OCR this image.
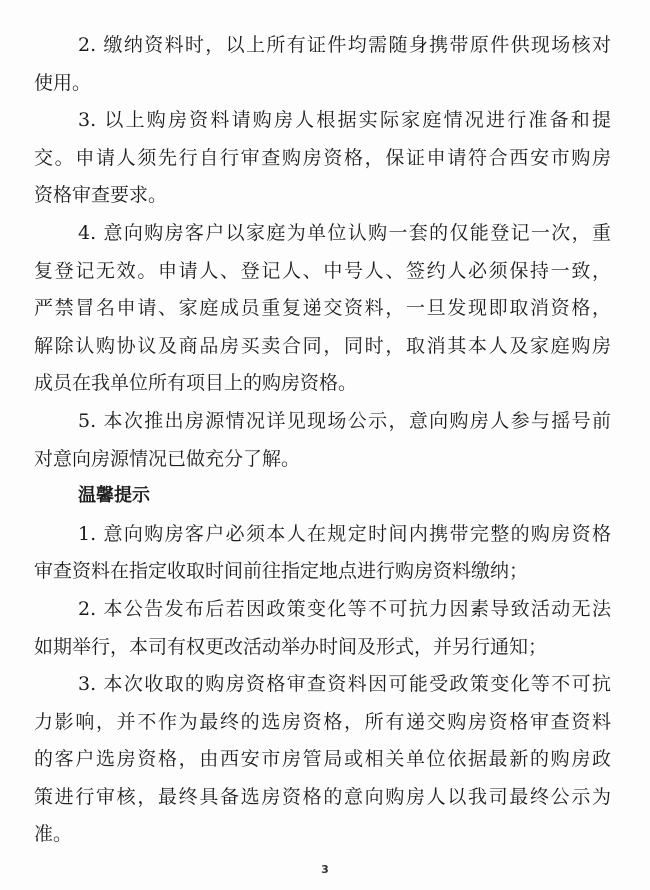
2. 缴纳资料时，以上所有证件均需随身携带原件供现场核对
使用。
3. 以上购房资料请购房人根据实际家庭情况进行准备和提
交。申请人须先行自行审查购房资格，保证申请符合西安市购房
资格审查要求。
4. 意向购房客户以家庭为单位认购一套的仅能登记一次，重
复登记无效。申请人、登记人、中号人、签约人必须保持一致，
严禁冒名申请、家庭成员重复递交资料，一旦发现即取消资格，
解除认购协议及商品房买卖合同，同时，取消其本人及家庭购房
成员在我单位所有项目上的购房资格。
5. 本次推出房源情况详见现场公示，意向购房人参与摇号前
对意向房源情况已做充分了解。
温馨提示
1. 意向购房客户必须本人在规定时间内携带完整的购房资格
审查资料在指定收取时间前往指定地点进行购房资料缴纳；
2. 本公告发布后若因政策变化等不可抗力因素导致活动无法
如期举行，本司有权更改活动举办时间及形式，并另行通知；
3. 本次收取的购房资格审查资料因可能受政策变化等不可抗
力影响，并不作为最终的选房资格，所有递交购房资格审查资料
的客户选房资格，由西安市房管局或相关单位依据最新的购房政
策进行审核，最终具备选房资格的意向购房人以我司最终公示为
准。
3
